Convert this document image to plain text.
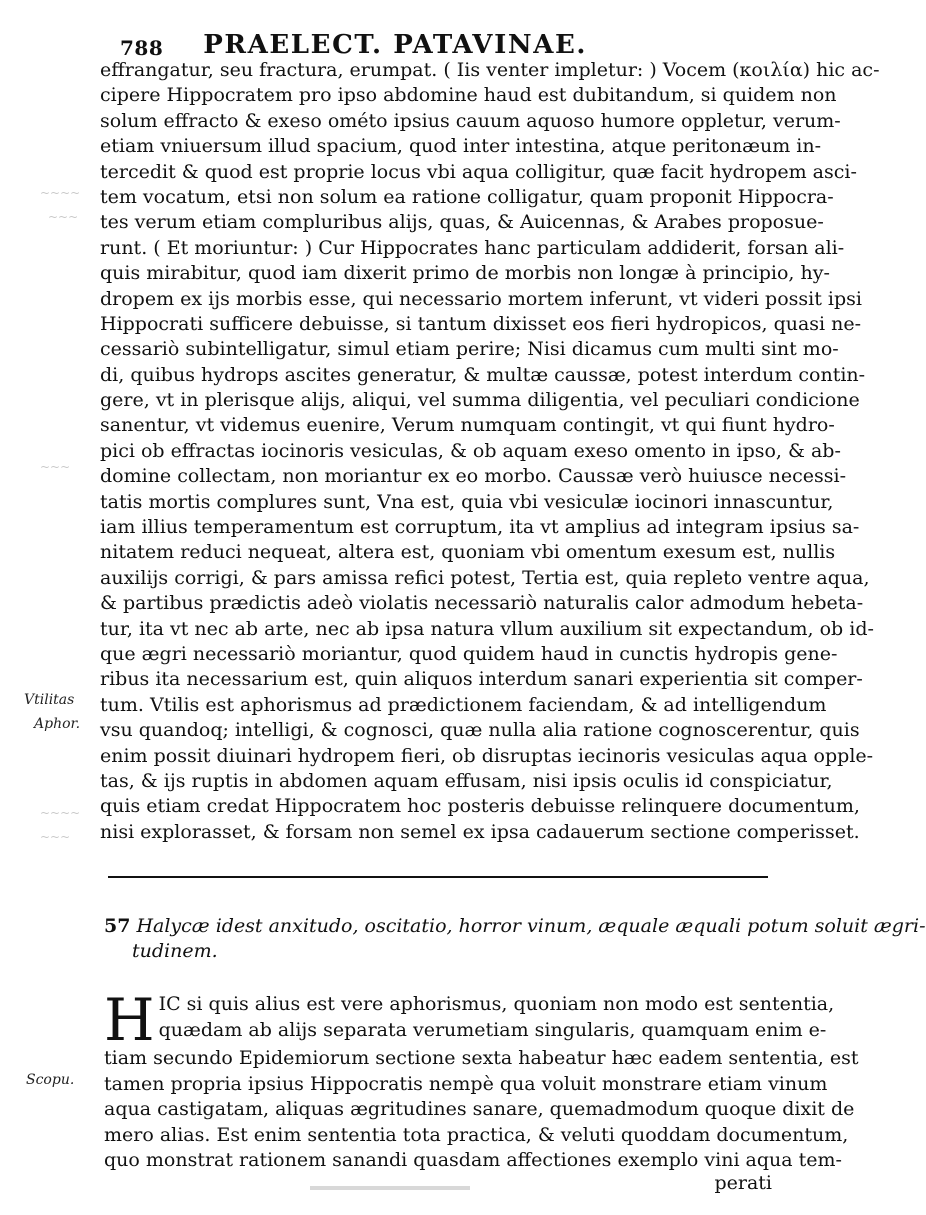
788 PRAELECT. PATAVINAE.
effrangatur, seu fractura, erumpat. ( Iis venter impletur: ) Vocem (κοιλία) hic ac-
cipere Hippocratem pro ipso abdomine haud est dubitandum, si quidem non
solum effracto & exeso ométo ipsius cauum aquoso humore oppletur, verum-
etiam vniuersum illud spacium, quod inter intestina, atque peritonæum in-
tercedit & quod est proprie locus vbi aqua colligitur, quæ facit hydropem asci-
tem vocatum, etsi non solum ea ratione colligatur, quam proponit Hippocra-
tes verum etiam compluribus alijs, quas, & Auicennas, & Arabes proposue-
runt. ( Et moriuntur: ) Cur Hippocrates hanc particulam addiderit, forsan ali-
quis mirabitur, quod iam dixerit primo de morbis non longæ à principio, hy-
dropem ex ijs morbis esse, qui necessario mortem inferunt, vt videri possit ipsi
Hippocrati sufficere debuisse, si tantum dixisset eos fieri hydropicos, quasi ne-
cessariò subintelligatur, simul etiam perire; Nisi dicamus cum multi sint mo-
di, quibus hydrops ascites generatur, & multæ caussæ, potest interdum contin-
gere, vt in plerisque alijs, aliqui, vel summa diligentia, vel peculiari condicione
sanentur, vt videmus euenire, Verum numquam contingit, vt qui fiunt hydro-
pici ob effractas iocinoris vesiculas, & ob aquam exeso omento in ipso, & ab-
domine collectam, non moriantur ex eo morbo. Caussæ verò huiusce necessi-
tatis mortis complures sunt, Vna est, quia vbi vesiculæ iocinori innascuntur,
iam illius temperamentum est corruptum, ita vt amplius ad integram ipsius sa-
nitatem reduci nequeat, altera est, quoniam vbi omentum exesum est, nullis
auxilijs corrigi, & pars amissa refici potest, Tertia est, quia repleto ventre aqua,
& partibus prædictis adeò violatis necessariò naturalis calor admodum hebeta-
tur, ita vt nec ab arte, nec ab ipsa natura vllum auxilium sit expectandum, ob id-
que ægri necessariò moriantur, quod quidem haud in cunctis hydropis gene-
ribus ita necessarium est, quin aliquos interdum sanari experientia sit comper-
tum. Vtilis est aphorismus ad prædictionem faciendam, & ad intelligendum
vsu quandoq; intelligi, & cognosci, quæ nulla alia ratione cognoscerentur, quis
enim possit diuinari hydropem fieri, ob disruptas iecinoris vesiculas aqua opple-
tas, & ijs ruptis in abdomen aquam effusam, nisi ipsis oculis id conspiciatur,
quis etiam credat Hippocratem hoc posteris debuisse relinquere documentum,
nisi explorasset, & forsam non semel ex ipsa cadauerum sectione comperisset.
Vtilitas
Aphor.
Scopu.
~~~~
~~~
~~~
~~~~
~~~
57 Halycæ idest anxitudo, oscitatio, horror vinum, æquale æquali potum soluit ægri-
tudinem.
H IC si quis alius est vere aphorismus, quoniam non modo est sententia,
quædam ab alijs separata verumetiam singularis, quamquam enim e-
tiam secundo Epidemiorum sectione sexta habeatur hæc eadem sententia, est
tamen propria ipsius Hippocratis nempè qua voluit monstrare etiam vinum
aqua castigatam, aliquas ægritudines sanare, quemadmodum quoque dixit de
mero alias. Est enim sententia tota practica, & veluti quoddam documentum,
quo monstrat rationem sanandi quasdam affectiones exemplo vini aqua tem-
perati
